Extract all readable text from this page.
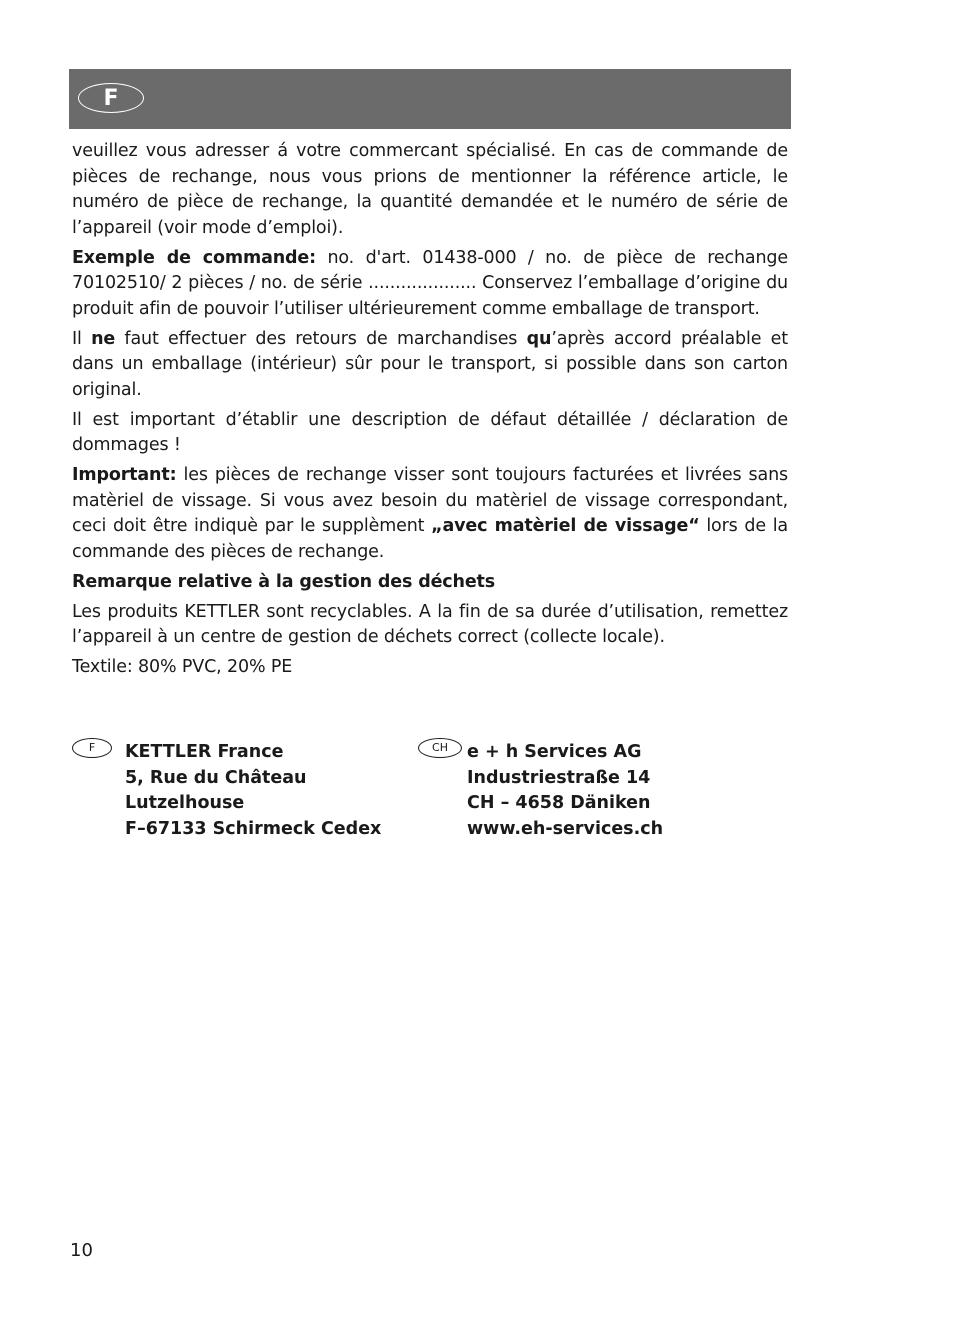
F

veuillez vous adresser á votre commercant spécialisé. En cas de commande de pièces de rechange, nous vous prions de mentionner la référence article, le numéro de pièce de rechange, la quantité demandée et le numéro de série de l’appareil (voir mode d’emploi).

Exemple de commande: no. d'art. 01438-000 / no. de pièce de rechange 70102510/ 2 pièces / no. de série .................... Conservez l’emballage d’origine du produit afin de pouvoir l’utiliser ultérieurement comme emballage de transport.

Il ne faut effectuer des retours de marchandises qu’après accord préalable et dans un emballage (intérieur) sûr pour le transport, si possible dans son carton original.

Il est important d’établir une description de défaut détaillée / déclaration de dommages !

Important: les pièces de rechange visser sont toujours facturées et livrées sans matèriel de vissage. Si vous avez besoin du matèriel de vissage correspondant, ceci doit être indiquè par le supplèment „avec matèriel de vissage“ lors de la commande des pièces de rechange.

Remarque relative à la gestion des déchets

Les produits KETTLER sont recyclables. A la fin de sa durée d’utilisation, remettez l’appareil à un centre de gestion de déchets correct (collecte locale).

Textile: 80% PVC, 20% PE

F	KETTLER France
5, Rue du Château
Lutzelhouse
F–67133 Schirmeck Cedex
CH	e + h Services AG
Industriestraße 14
CH – 4658 Däniken
www.eh-services.ch
10
